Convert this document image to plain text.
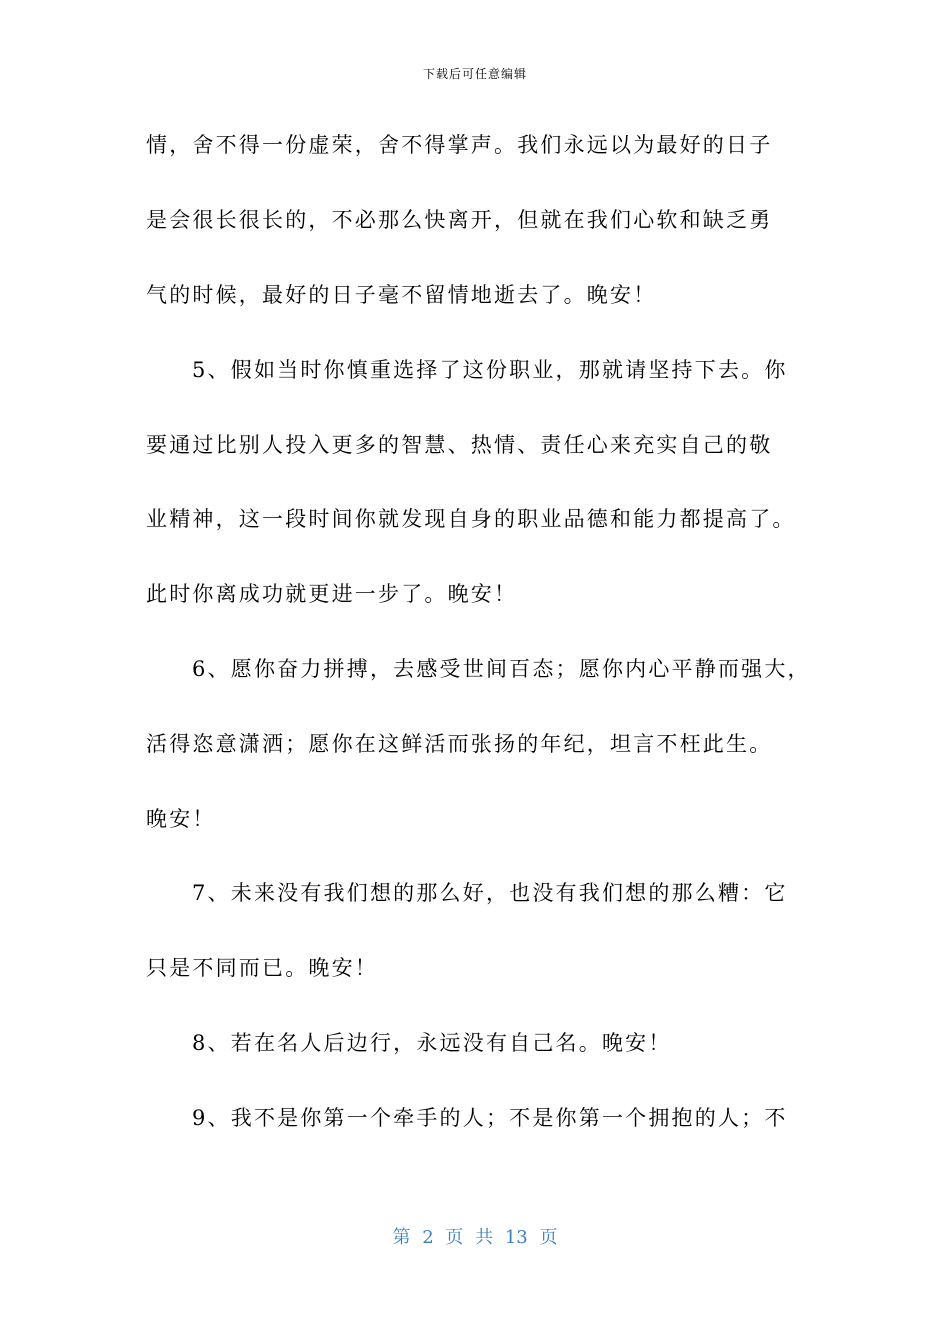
下载后可任意编辑
情，舍不得一份虚荣，舍不得掌声。我们永远以为最好的日子
是会很长很长的，不必那么快离开，但就在我们心软和缺乏勇
气的时候，最好的日子毫不留情地逝去了。晚安！
5、假如当时你慎重选择了这份职业，那就请坚持下去。你
要通过比别人投入更多的智慧、热情、责任心来充实自己的敬
业精神，这一段时间你就发现自身的职业品德和能力都提高了。
此时你离成功就更进一步了。晚安！
6、愿你奋力拼搏，去感受世间百态；愿你内心平静而强大，
活得恣意潇洒；愿你在这鲜活而张扬的年纪，坦言不枉此生。
晚安！
7、未来没有我们想的那么好，也没有我们想的那么糟：它
只是不同而已。晚安！
8、若在名人后边行，永远没有自己名。晚安！
9、我不是你第一个牵手的人；不是你第一个拥抱的人；不
第 2 页 共 13 页
